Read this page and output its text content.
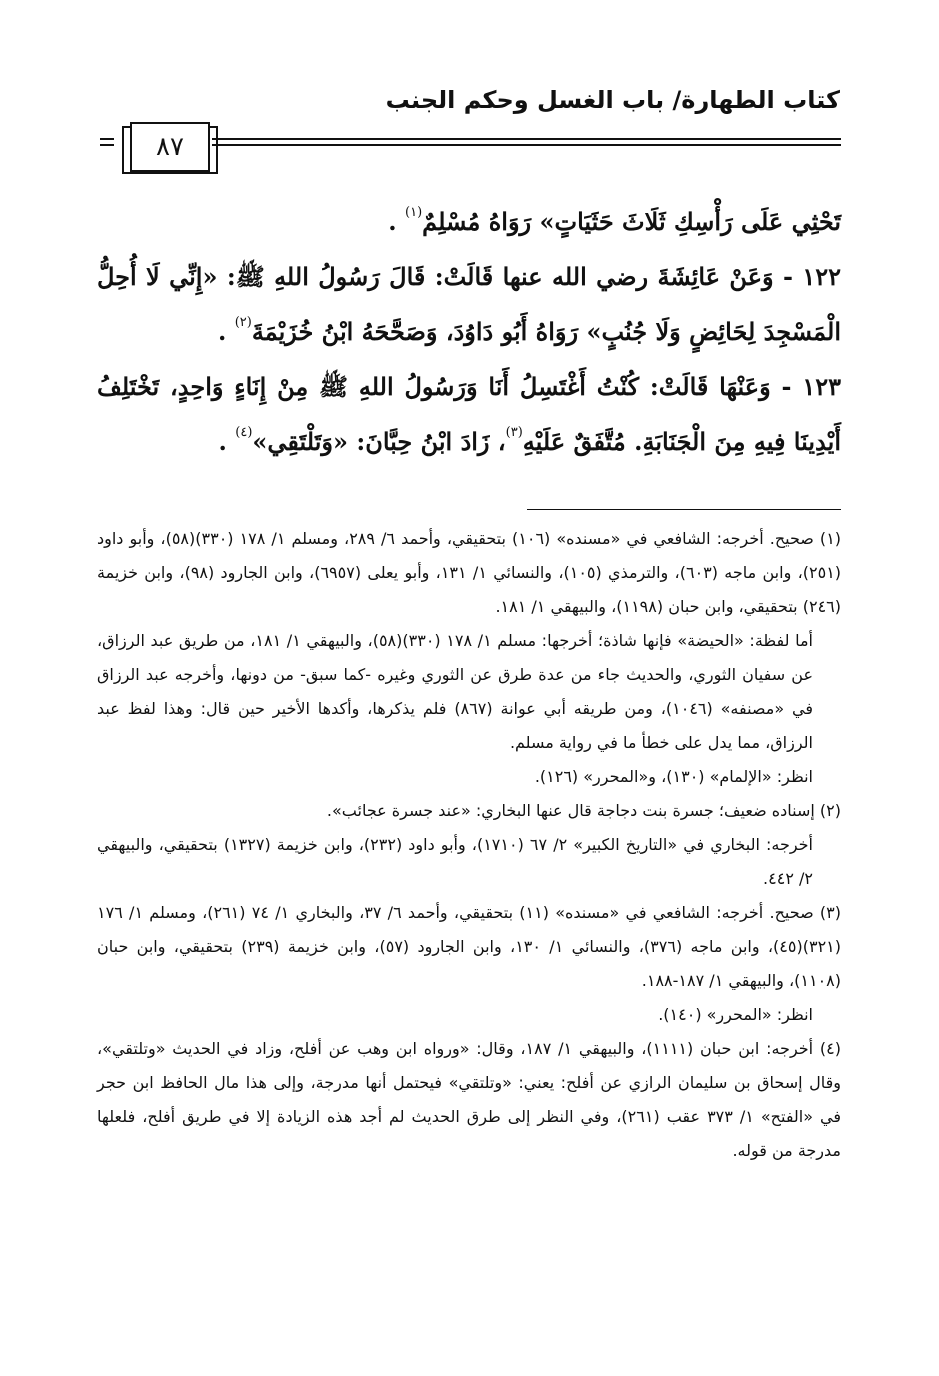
كتاب الطهارة/ باب الغسل وحكم الجنب
٨٧

تَحْثِي عَلَى رَأْسِكِ ثَلَاثَ حَثَيَاتٍ» رَوَاهُ مُسْلِمٌ$^{(١)}$ .

١٢٢ - وَعَنْ عَائِشَةَ رضي الله عنها قَالَتْ: قَالَ رَسُولُ اللهِ ﷺ: «إِنِّي لَا أُحِلُّ الْمَسْجِدَ لِحَائِضٍ وَلَا جُنُبٍ» رَوَاهُ أَبُو دَاوُدَ، وَصَحَّحَهُ ابْنُ خُزَيْمَةَ$^{(٢)}$ .

١٢٣ - وَعَنْهَا قَالَتْ: كُنْتُ أَغْتَسِلُ أَنَا وَرَسُولُ اللهِ ﷺ مِنْ إِنَاءٍ وَاحِدٍ، تَخْتَلِفُ أَيْدِينَا فِيهِ مِنَ الْجَنَابَةِ. مُتَّفَقٌ عَلَيْهِ$^{(٣)}$، زَادَ ابْنُ حِبَّانَ: «وَتَلْتَقِي»$^{(٤)}$ .

(١) صحيح. أخرجه: الشافعي في «مسنده» (١٠٦) بتحقيقي، وأحمد ٦/ ٢٨٩، ومسلم ١/ ١٧٨ (٣٣٠)(٥٨)، وأبو داود (٢٥١)، وابن ماجه (٦٠٣)، والترمذي (١٠٥)، والنسائي ١/ ١٣١، وأبو يعلى (٦٩٥٧)، وابن الجارود (٩٨)، وابن خزيمة (٢٤٦) بتحقيقي، وابن حبان (١١٩٨)، والبيهقي ١/ ١٨١.

أما لفظة: «الحيضة» فإنها شاذة؛ أخرجها: مسلم ١/ ١٧٨ (٣٣٠)(٥٨)، والبيهقي ١/ ١٨١، من طريق عبد الرزاق، عن سفيان الثوري، والحديث جاء من عدة طرق عن الثوري وغيره -كما سبق- من دونها، وأخرجه عبد الرزاق في «مصنفه» (١٠٤٦)، ومن طريقه أبي عوانة (٨٦٧) فلم يذكرها، وأكدها الأخير حين قال: وهذا لفظ عبد الرزاق، مما يدل على خطأ ما في رواية مسلم.

انظر: «الإلمام» (١٣٠)، و«المحرر» (١٢٦).

(٢) إسناده ضعيف؛ جسرة بنت دجاجة قال عنها البخاري: «عند جسرة عجائب».

أخرجه: البخاري في «التاريخ الكبير» ٢/ ٦٧ (١٧١٠)، وأبو داود (٢٣٢)، وابن خزيمة (١٣٢٧) بتحقيقي، والبيهقي ٢/ ٤٤٢.

(٣) صحيح. أخرجه: الشافعي في «مسنده» (١١) بتحقيقي، وأحمد ٦/ ٣٧، والبخاري ١/ ٧٤ (٢٦١)، ومسلم ١/ ١٧٦ (٣٢١)(٤٥)، وابن ماجه (٣٧٦)، والنسائي ١/ ١٣٠، وابن الجارود (٥٧)، وابن خزيمة (٢٣٩) بتحقيقي، وابن حبان (١١٠٨)، والبيهقي ١/ ١٨٧-١٨٨.

انظر: «المحرر» (١٤٠).

(٤) أخرجه: ابن حبان (١١١١)، والبيهقي ١/ ١٨٧، وقال: «ورواه ابن وهب عن أفلح، وزاد في الحديث «وتلتقي»، وقال إسحاق بن سليمان الرازي عن أفلح: يعني: «وتلتقي» فيحتمل أنها مدرجة، وإلى هذا مال الحافظ ابن حجر في «الفتح» ١/ ٣٧٣ عقب (٢٦١)، وفي النظر إلى طرق الحديث لم أجد هذه الزيادة إلا في طريق أفلح، فلعلها مدرجة من قوله.
